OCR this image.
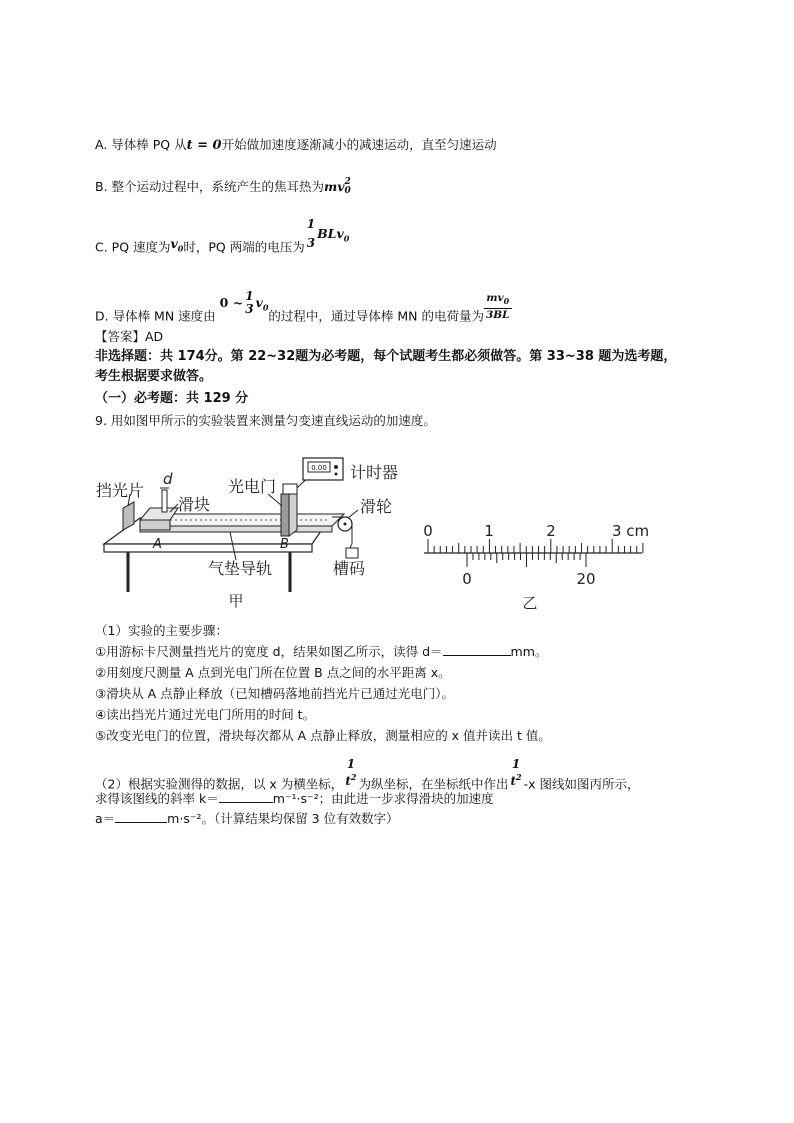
A. 导体棒 PQ 从t = 0开始做加速度逐渐减小的减速运动，直至匀速运动
B. 整个运动过程中，系统产生的焦耳热为mv 2
0
C. PQ 速度为$v_0$时，PQ 两端的电压为
1
3
BLv$_0$
D. 导体棒 MN 速度由0 ~ 1
3 $v_0$的过程中，通过导体棒 MN 的电荷量为 $\frac{mv_0}{3BL}$
【答案】AD
非选择题：共 174分。第 22~32题为必考题，每个试题考生都必须做答。第 33~38 题为选考题，
考生根据要求做答。
（一）必考题：共 129 分
9. 用如图甲所示的实验装置来测量匀变速直线运动的加速度。
0.00
挡光片
d
滑块
光电门
计时器
滑轮
A	B
气垫导轨	槽码
甲
0	1	2	3 cm
0	20
乙
（1）实验的主要步骤：
①用游标卡尺测量挡光片的宽度 d，结果如图乙所示，读得 d＝	mm。
②用刻度尺测量 A 点到光电门所在位置 B 点之间的水平距离 x。
③滑块从 A 点静止释放（已知槽码落地前挡光片已通过光电门）。
④读出挡光片通过光电门所用的时间 t。
⑤改变光电门的位置，滑块每次都从 A 点静止释放，测量相应的 x 值并读出 t 值。
（2）根据实验测得的数据，以 x 为横坐标，
1
$t^2$ 为纵坐标，在坐标纸中作出
1
$t^2$ -x 图线如图丙所示，
求得该图线的斜率 k＝	m⁻¹·s⁻²；由此进一步求得滑块的加速度
a＝	m·s⁻²。（计算结果均保留 3 位有效数字）
